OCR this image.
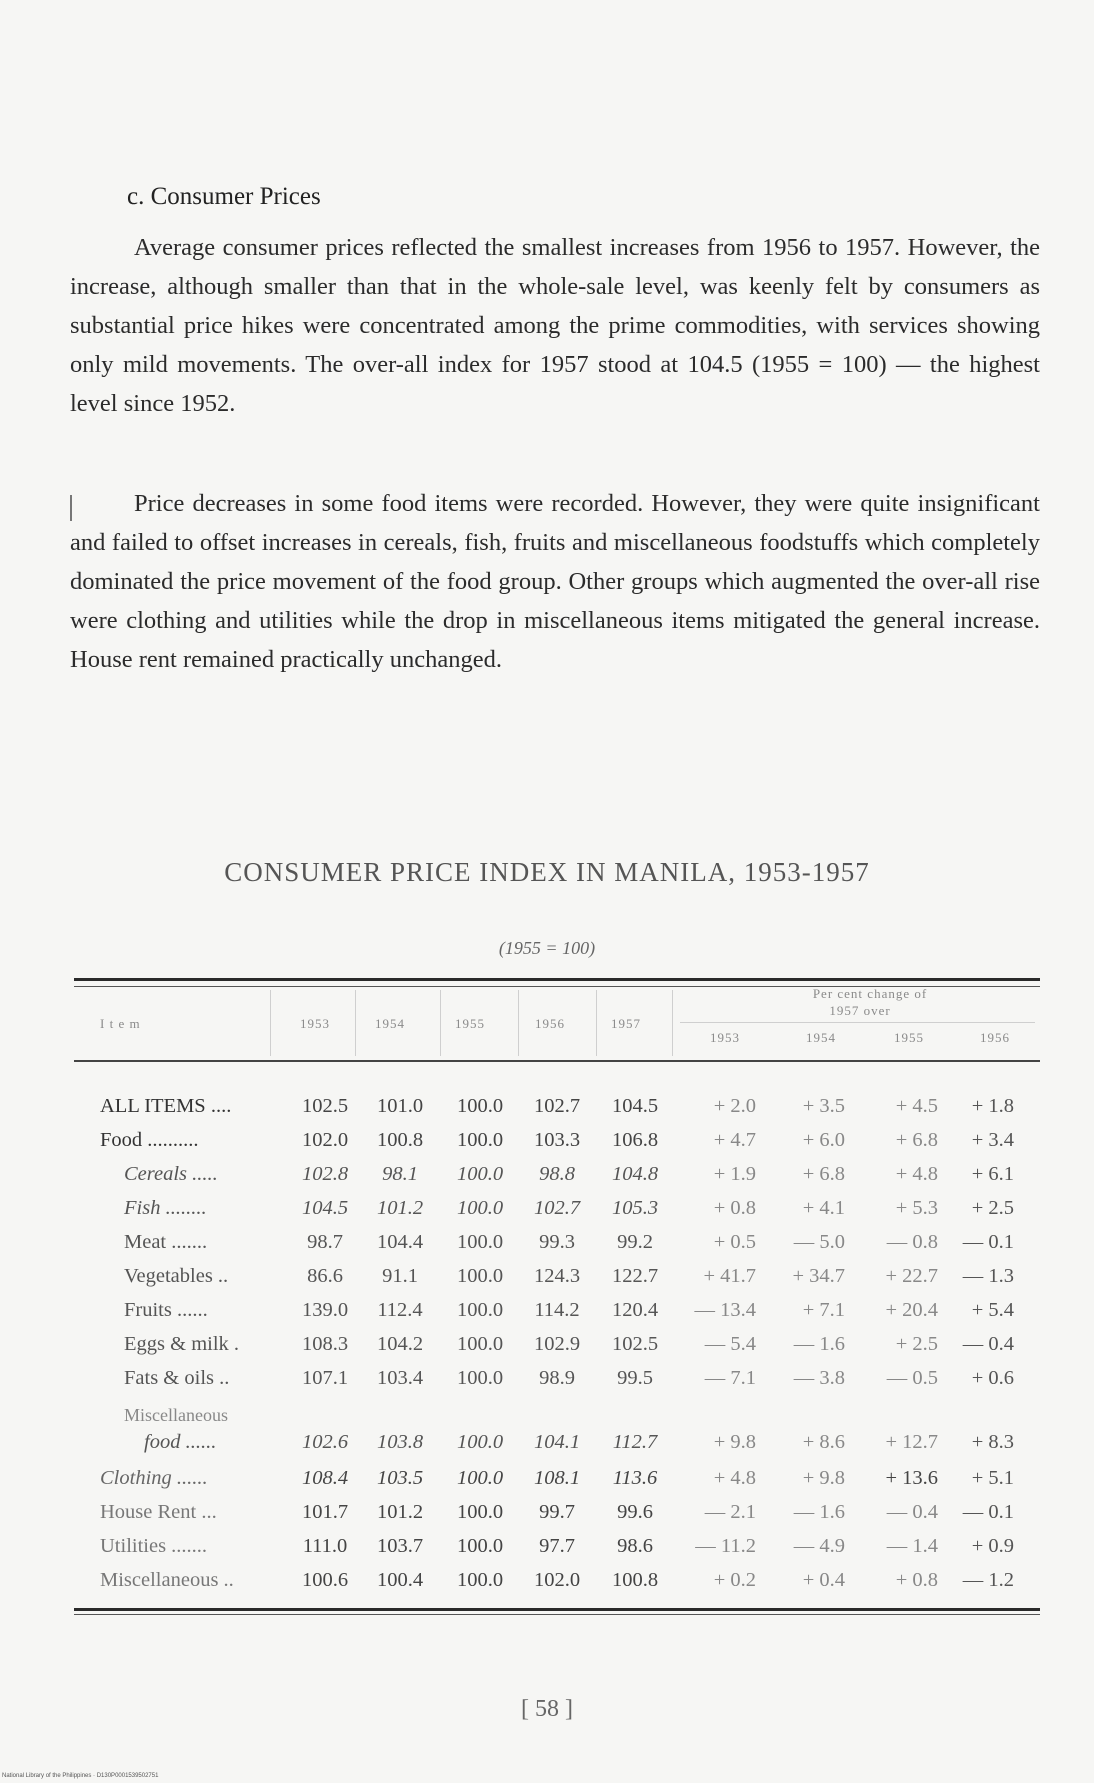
c. Consumer Prices
Average consumer prices reflected the smallest increases from 1956 to 1957. However, the increase, although smaller than that in the whole-sale level, was keenly felt by consumers as substantial price hikes were concentrated among the prime commodities, with services showing only mild movements. The over-all index for 1957 stood at 104.5 (1955 = 100) — the highest level since 1952.
Price decreases in some food items were recorded. However, they were quite insignificant and failed to offset increases in cereals, fish, fruits and miscellaneous foodstuffs which completely dominated the price movement of the food group. Other groups which augmented the over-all rise were clothing and utilities while the drop in miscellaneous items mitigated the general increase. House rent remained practically unchanged.
CONSUMER PRICE INDEX IN MANILA, 1953-1957
(1955 = 100)
I t e m	1953	1954	1955	1956	1957
Per cent change of
1957 over
1953	1954	1955	1956
ALL ITEMS ....	102.5	101.0	100.0	102.7	104.5	+ 2.0	+ 3.5	+ 4.5	+ 1.8
Food ..........	102.0	100.8	100.0	103.3	106.8	+ 4.7	+ 6.0	+ 6.8	+ 3.4
Cereals .....	102.8	98.1	100.0	98.8	104.8	+ 1.9	+ 6.8	+ 4.8	+ 6.1
Fish ........	104.5	101.2	100.0	102.7	105.3	+ 0.8	+ 4.1	+ 5.3	+ 2.5
Meat .......	98.7	104.4	100.0	99.3	99.2	+ 0.5	— 5.0	— 0.8	— 0.1
Vegetables ..	86.6	91.1	100.0	124.3	122.7	+ 41.7	+ 34.7	+ 22.7	— 1.3
Fruits ......	139.0	112.4	100.0	114.2	120.4	— 13.4	+ 7.1	+ 20.4	+ 5.4
Eggs & milk .	108.3	104.2	100.0	102.9	102.5	— 5.4	— 1.6	+ 2.5	— 0.4
Fats & oils ..	107.1	103.4	100.0	98.9	99.5	— 7.1	— 3.8	— 0.5	+ 0.6
Miscellaneous
food ......	102.6	103.8	100.0	104.1	112.7	+ 9.8	+ 8.6	+ 12.7	+ 8.3
Clothing ......	108.4	103.5	100.0	108.1	113.6	+ 4.8	+ 9.8	+ 13.6	+ 5.1
House Rent ...	101.7	101.2	100.0	99.7	99.6	— 2.1	— 1.6	— 0.4	— 0.1
Utilities .......	111.0	103.7	100.0	97.7	98.6	— 11.2	— 4.9	— 1.4	+ 0.9
Miscellaneous ..	100.6	100.4	100.0	102.0	100.8	+ 0.2	+ 0.4	+ 0.8	— 1.2
[ 58 ]
National Library of the Philippines · D130P0001539502751
